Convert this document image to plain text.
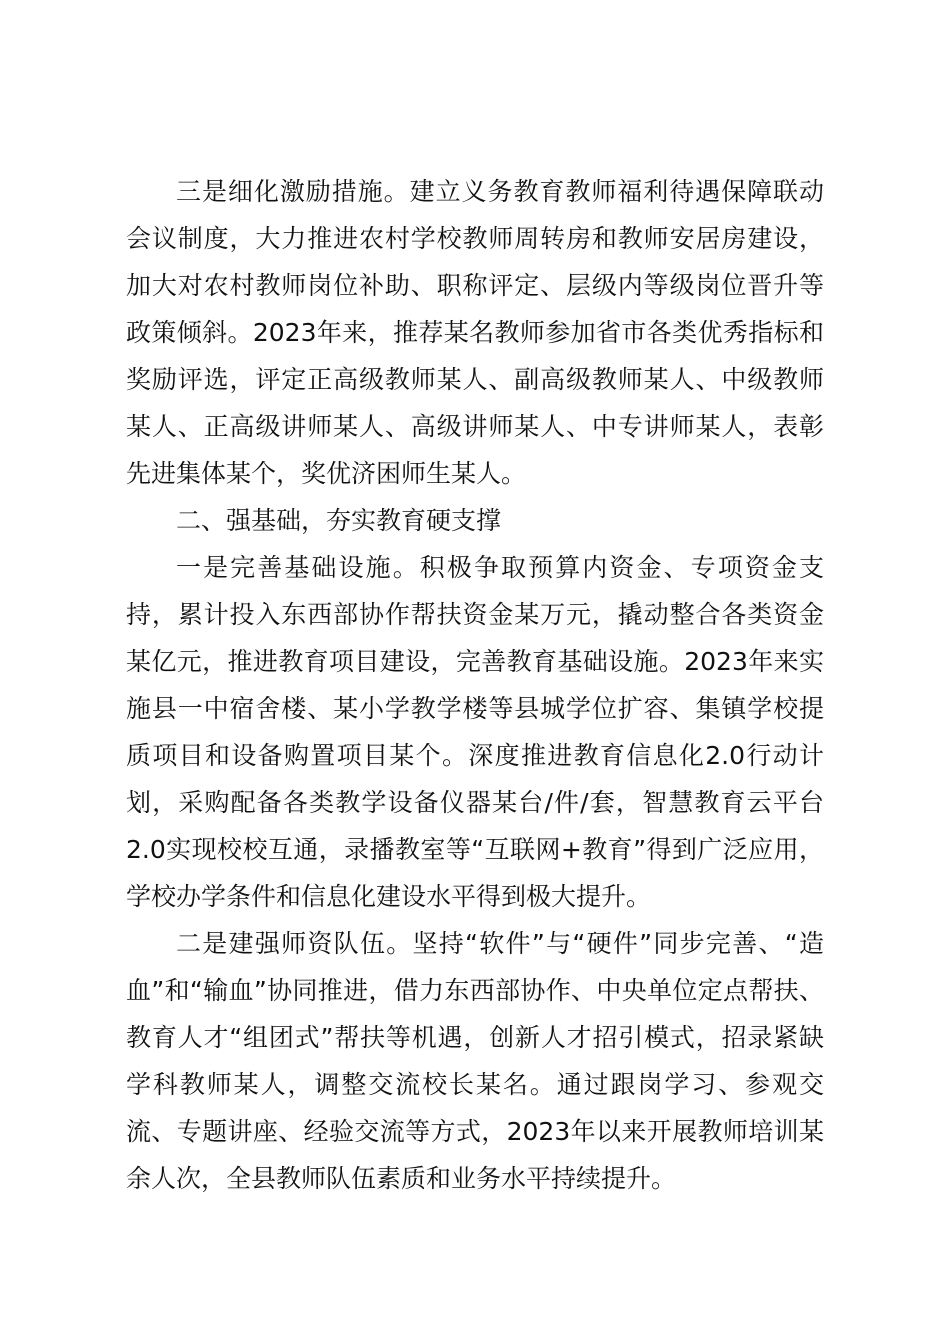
三是细化激励措施。建立义务教育教师福利待遇保障联动会议制度，大力推进农村学校教师周转房和教师安居房建设，加大对农村教师岗位补助、职称评定、层级内等级岗位晋升等政策倾斜。2023年来，推荐某名教师参加省市各类优秀指标和奖励评选，评定正高级教师某人、副高级教师某人、中级教师某人、正高级讲师某人、高级讲师某人、中专讲师某人，表彰先进集体某个，奖优济困师生某人。

二、强基础，夯实教育硬支撑

一是完善基础设施。积极争取预算内资金、专项资金支持，累计投入东西部协作帮扶资金某万元，撬动整合各类资金某亿元，推进教育项目建设，完善教育基础设施。2023年来实施县一中宿舍楼、某小学教学楼等县城学位扩容、集镇学校提质项目和设备购置项目某个。深度推进教育信息化2.0行动计划，采购配备各类教学设备仪器某台/件/套，智慧教育云平台2.0实现校校互通，录播教室等“互联网+教育”得到广泛应用，学校办学条件和信息化建设水平得到极大提升。

二是建强师资队伍。坚持“软件”与“硬件”同步完善、“造血”和“输血”协同推进，借力东西部协作、中央单位定点帮扶、教育人才“组团式”帮扶等机遇，创新人才招引模式，招录紧缺学科教师某人，调整交流校长某名。通过跟岗学习、参观交流、专题讲座、经验交流等方式，2023年以来开展教师培训某余人次，全县教师队伍素质和业务水平持续提升。
